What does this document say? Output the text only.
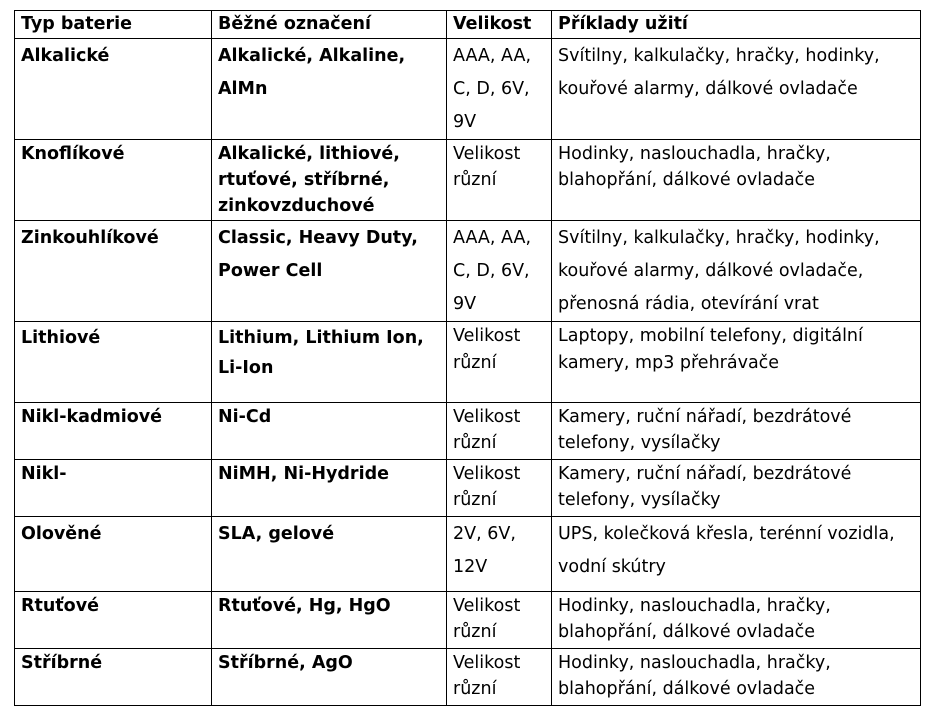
Typ baterie	Běžné označení	Velikost	Příklady užití
Alkalické	Alkalické, Alkaline, AlMn	AAA, AA, C, D, 6V, 9V	Svítilny, kalkulačky, hračky, hodinky, kouřové alarmy, dálkové ovladače
Knoflíkové	Alkalické, lithiové, rtuťové, stříbrné, zinkovzduchové	Velikost různí	Hodinky, naslouchadla, hračky, blahopřání, dálkové ovladače
Zinkouhlíkové	Classic, Heavy Duty, Power Cell	AAA, AA, C, D, 6V, 9V	Svítilny, kalkulačky, hračky, hodinky, kouřové alarmy, dálkové ovladače, přenosná rádia, otevírání vrat
Lithiové	Lithium, Lithium Ion, Li-Ion	Velikost různí	Laptopy, mobilní telefony, digitální kamery, mp3 přehrávače
Nikl-kadmiové	Ni-Cd	Velikost různí	Kamery, ruční nářadí, bezdrátové telefony, vysílačky
Nikl-	NiMH, Ni-Hydride	Velikost různí	Kamery, ruční nářadí, bezdrátové telefony, vysílačky
Olověné	SLA, gelové	2V, 6V, 12V	UPS, kolečková křesla, terénní vozidla, vodní skútry
Rtuťové	Rtuťové, Hg, HgO	Velikost různí	Hodinky, naslouchadla, hračky, blahopřání, dálkové ovladače
Stříbrné	Stříbrné, AgO	Velikost různí	Hodinky, naslouchadla, hračky, blahopřání, dálkové ovladače
